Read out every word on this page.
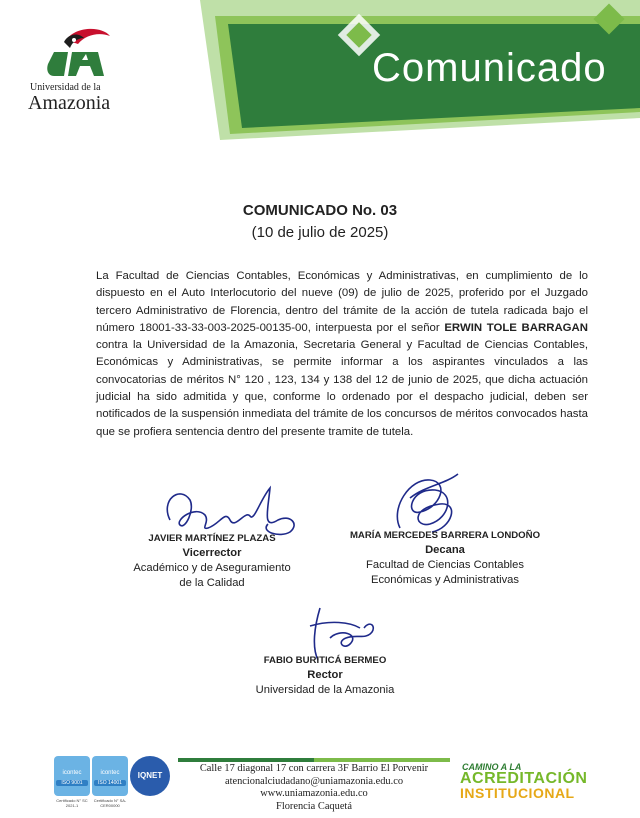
Comunicado
Universidad de la
Amazonia
COMUNICADO No. 03
(10 de julio de 2025)
La Facultad de Ciencias Contables, Económicas y Administrativas, en cumplimiento de lo dispuesto en el Auto Interlocutorio del nueve (09) de julio de 2025, proferido por el Juzgado tercero Administrativo de Florencia, dentro del trámite de la acción de tutela radicada bajo el número 18001-33-33-003-2025-00135-00, interpuesta por el señor ERWIN TOLE BARRAGAN contra la Universidad de la Amazonia, Secretaria General y Facultad de Ciencias Contables, Económicas y Administrativas, se permite informar a los aspirantes vinculados a las convocatorias de méritos N° 120 , 123, 134 y 138 del 12 de junio de 2025, que dicha actuación judicial ha sido admitida y que, conforme lo ordenado por el despacho judicial, deben ser notificados de la suspensión inmediata del trámite de los concursos de méritos convocados hasta que se profiera sentencia dentro del presente tramite de tutela.
JAVIER MARTÍNEZ PLAZAS
Vicerrector
Académico y de Aseguramiento
de la Calidad
MARÍA MERCEDES BARRERA LONDOÑO
Decana
Facultad de Ciencias Contables
Económicas y Administrativas
FABIO BURITICÁ BERMEO
Rector
Universidad de la Amazonia
icontec
ISO 9001
Certificado N° SC 2021-1
icontec
ISO 14001
Certificado N° SA-CER00000
IQNET
Calle 17 diagonal 17 con carrera 3F Barrio El Porvenir
atencionalciudadano@uniamazonia.edu.co
www.uniamazonia.edu.co
Florencia Caquetá
CAMINO A LA
ACREDITACIÓN
INSTITUCIONAL
